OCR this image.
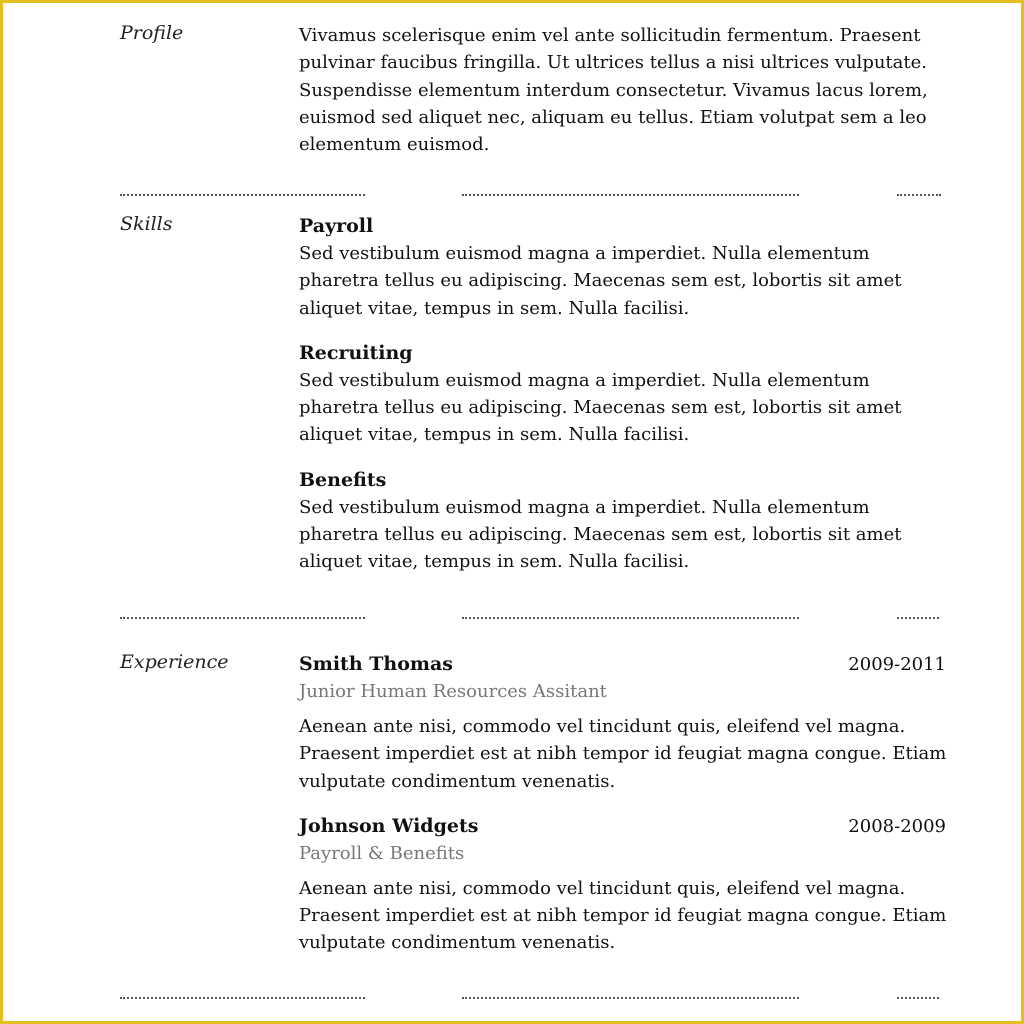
Profile	Vivamus scelerisque enim vel ante sollicitudin fermentum. Praesent pulvinar faucibus fringilla. Ut ultrices tellus a nisi ultrices vulputate. Suspendisse elementum interdum consectetur. Vivamus lacus lorem, euismod sed aliquet nec, aliquam eu tellus. Etiam volutpat sem a leo elementum euismod.

Skills	Payroll

Sed vestibulum euismod magna a imperdiet. Nulla elementum pharetra tellus eu adipiscing. Maecenas sem est, lobortis sit amet aliquet vitae, tempus in sem. Nulla facilisi.

Recruiting

Sed vestibulum euismod magna a imperdiet. Nulla elementum pharetra tellus eu adipiscing. Maecenas sem est, lobortis sit amet aliquet vitae, tempus in sem. Nulla facilisi.

Benefits

Sed vestibulum euismod magna a imperdiet. Nulla elementum pharetra tellus eu adipiscing. Maecenas sem est, lobortis sit amet aliquet vitae, tempus in sem. Nulla facilisi.

Experience	Smith Thomas	2009-2011
Junior Human Resources Assitant

Aenean ante nisi, commodo vel tincidunt quis, eleifend vel magna. Praesent imperdiet est at nibh tempor id feugiat magna congue. Etiam vulputate condimentum venenatis.

Johnson Widgets	2008-2009
Payroll & Benefits

Aenean ante nisi, commodo vel tincidunt quis, eleifend vel magna. Praesent imperdiet est at nibh tempor id feugiat magna congue. Etiam vulputate condimentum venenatis.
